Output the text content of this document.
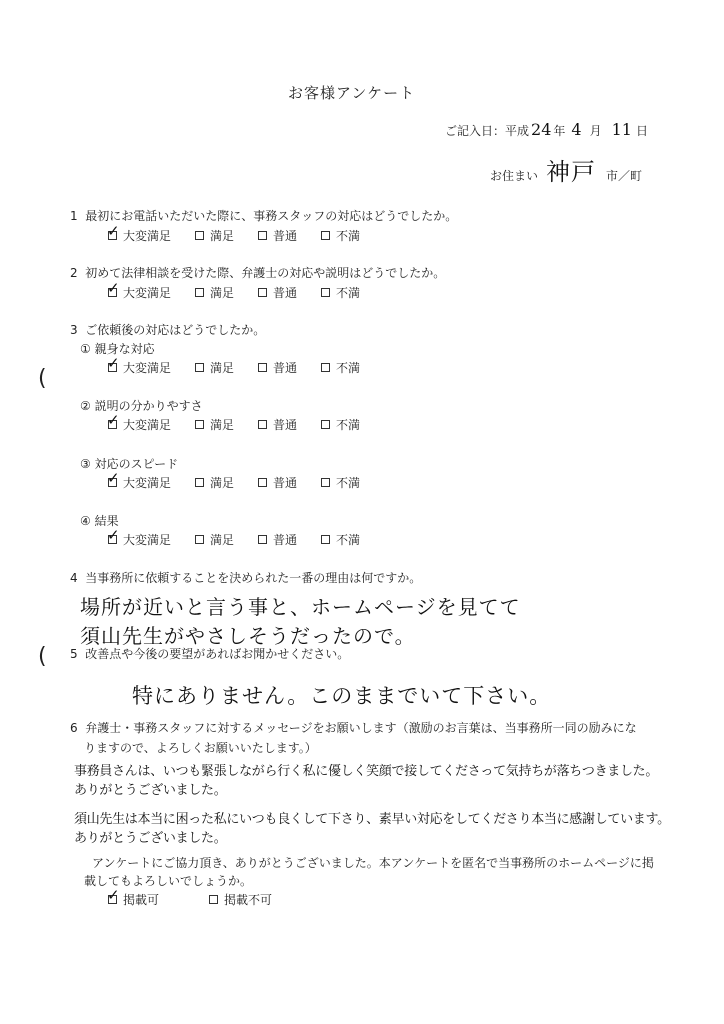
お客様アンケート
ご記入日：平成 24 年 4 月 11 日
お住まい 神戸 市／町
1 最初にお電話いただいた際に、事務スタッフの対応はどうでしたか。
✓
大変満足	満足	普通	不満
2 初めて法律相談を受けた際、弁護士の対応や説明はどうでしたか。
✓
大変満足	満足	普通	不満
3 ご依頼後の対応はどうでしたか。
① 親身な対応
(
✓	大変満足	満足	普通	不満
② 説明の分かりやすさ
✓
大変満足	満足	普通	不満
③ 対応のスピード
✓
大変満足	満足	普通	不満
④ 結果
✓
大変満足	満足	普通	不満
4 当事務所に依頼することを決められた一番の理由は何ですか。
場所が近いと言う事と、ホームページを見てて
須山先生がやさしそうだったので。
( 5 改善点や今後の要望があればお聞かせください。
特にありません。このままでいて下さい。
6 弁護士・事務スタッフに対するメッセージをお願いします（激励のお言葉は、当事務所一同の励みにな
りますので、よろしくお願いいたします。）
事務員さんは、いつも緊張しながら行く私に優しく笑顔で接してくださって気持ちが落ちつきました。
ありがとうございました。
須山先生は本当に困った私にいつも良くして下さり、素早い対応をしてくださり本当に感謝しています。
ありがとうございました。
アンケートにご協力頂き、ありがとうございました。本アンケートを匿名で当事務所のホームページに掲
載してもよろしいでしょうか。
✓
掲載可	掲載不可
